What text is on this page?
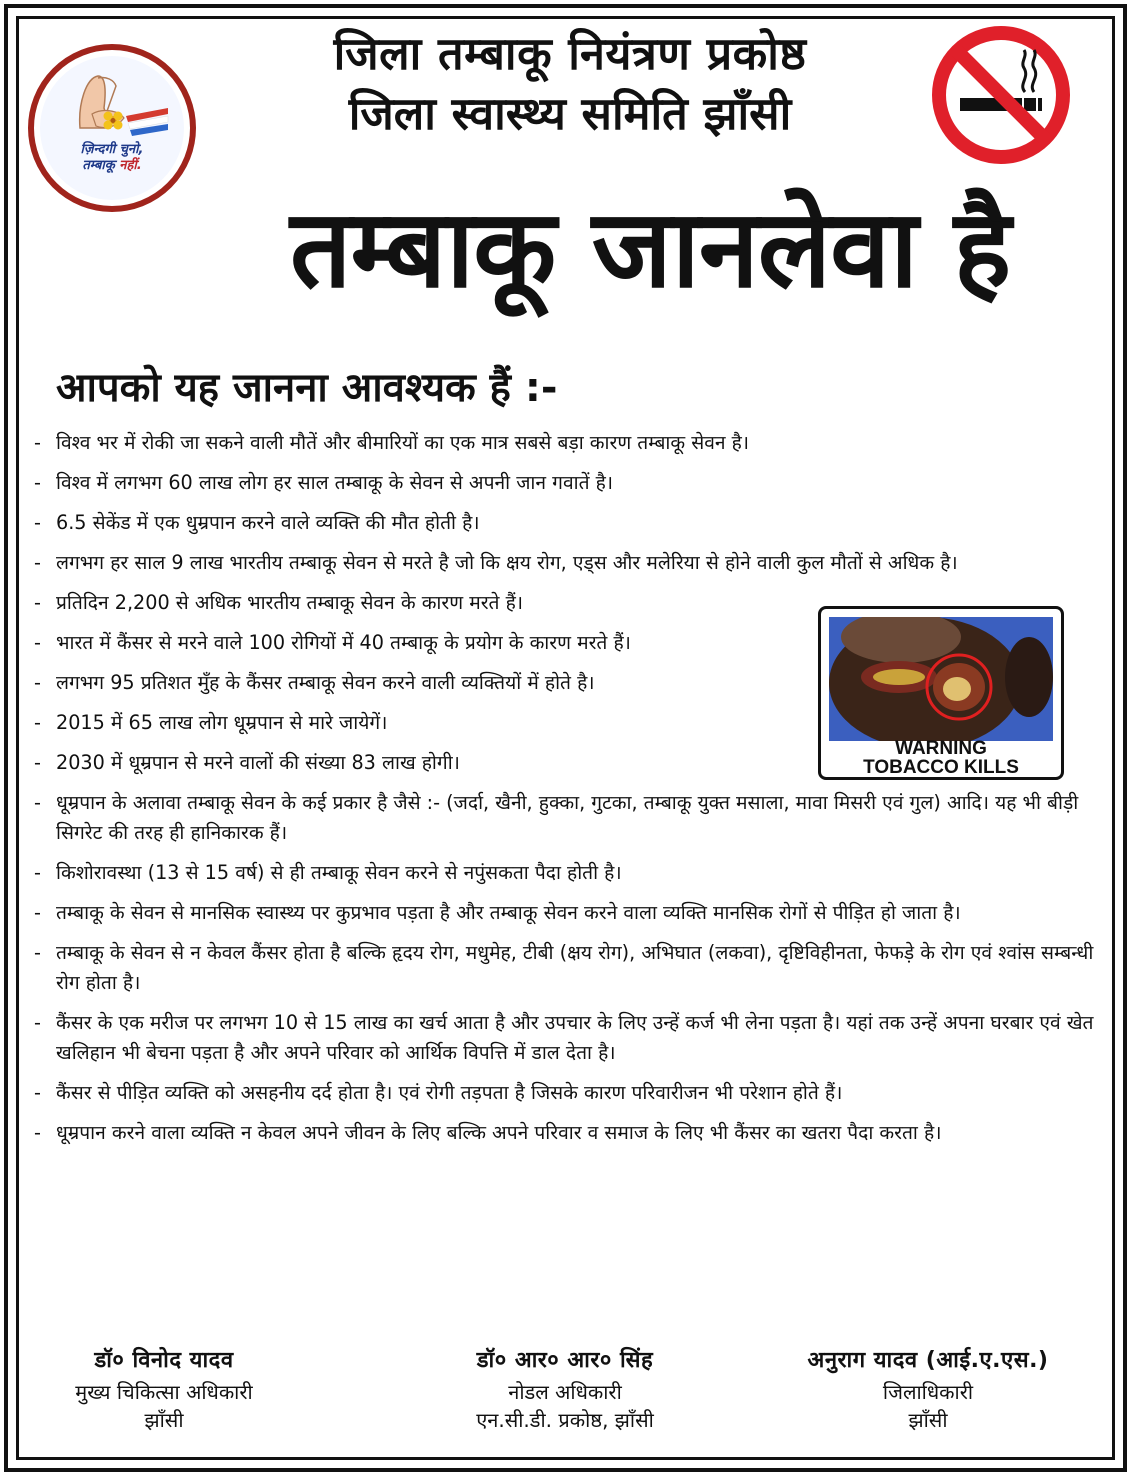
ज़िन्दगी चुनो,
तम्बाकू नहीं.
जिला तम्बाकू नियंत्रण प्रकोष्ठ
जिला स्वास्थ्य समिति झाँसी
तम्बाकू जानलेवा है
आपको यह जानना आवश्यक हैं :-
- विश्व भर में रोकी जा सकने वाली मौतें और बीमारियों का एक मात्र सबसे बड़ा कारण तम्बाकू सेवन है।
- विश्व में लगभग 60 लाख लोग हर साल तम्बाकू के सेवन से अपनी जान गवातें है।
- 6.5 सेकेंड में एक धुम्रपान करने वाले व्यक्ति की मौत होती है।
- लगभग हर साल 9 लाख भारतीय तम्बाकू सेवन से मरते है जो कि क्षय रोग, एड्स और मलेरिया से होने वाली कुल मौतों से अधिक है।
- प्रतिदिन 2,200 से अधिक भारतीय तम्बाकू सेवन के कारण मरते हैं।
- भारत में कैंसर से मरने वाले 100 रोगियों में 40 तम्बाकू के प्रयोग के कारण मरते हैं।
- लगभग 95 प्रतिशत मुँह के कैंसर तम्बाकू सेवन करने वाली व्यक्तियों में होते है।
- 2015 में 65 लाख लोग धूम्रपान से मारे जायेगें।
- 2030 में धूम्रपान से मरने वालों की संख्या 83 लाख होगी।
- धूम्रपान के अलावा तम्बाकू सेवन के कई प्रकार है जैसे :- (जर्दा, खैनी, हुक्का, गुटका, तम्बाकू युक्त मसाला, मावा मिसरी एवं गुल) आदि। यह भी बीड़ी सिगरेट की तरह ही हानिकारक हैं।
- किशोरावस्था (13 से 15 वर्ष) से ही तम्बाकू सेवन करने से नपुंसकता पैदा होती है।
- तम्बाकू के सेवन से मानसिक स्वास्थ्य पर कुप्रभाव पड़ता है और तम्बाकू सेवन करने वाला व्यक्ति मानसिक रोगों से पीड़ित हो जाता है।
- तम्बाकू के सेवन से न केवल कैंसर होता है बल्कि हृदय रोग, मधुमेह, टीबी (क्षय रोग), अभिघात (लकवा), दृष्टिविहीनता, फेफड़े के रोग एवं श्वांस सम्बन्धी रोग होता है।
- कैंसर के एक मरीज पर लगभग 10 से 15 लाख का खर्च आता है और उपचार के लिए उन्हें कर्ज भी लेना पड़ता है। यहां तक उन्हें अपना घरबार एवं खेत खलिहान भी बेचना पड़ता है और अपने परिवार को आर्थिक विपत्ति में डाल देता है।
- कैंसर से पीड़ित व्यक्ति को असहनीय दर्द होता है। एवं रोगी तड़पता है जिसके कारण परिवारीजन भी परेशान होते हैं।
- धूम्रपान करने वाला व्यक्ति न केवल अपने जीवन के लिए बल्कि अपने परिवार व समाज के लिए भी कैंसर का खतरा पैदा करता है।
WARNING
TOBACCO KILLS
डॉ० विनोद यादव
मुख्य चिकित्सा अधिकारी
झाँसी
डॉ० आर० आर० सिंह
नोडल अधिकारी
एन.सी.डी. प्रकोष्ठ, झाँसी
अनुराग यादव (आई.ए.एस.)
जिलाधिकारी
झाँसी
